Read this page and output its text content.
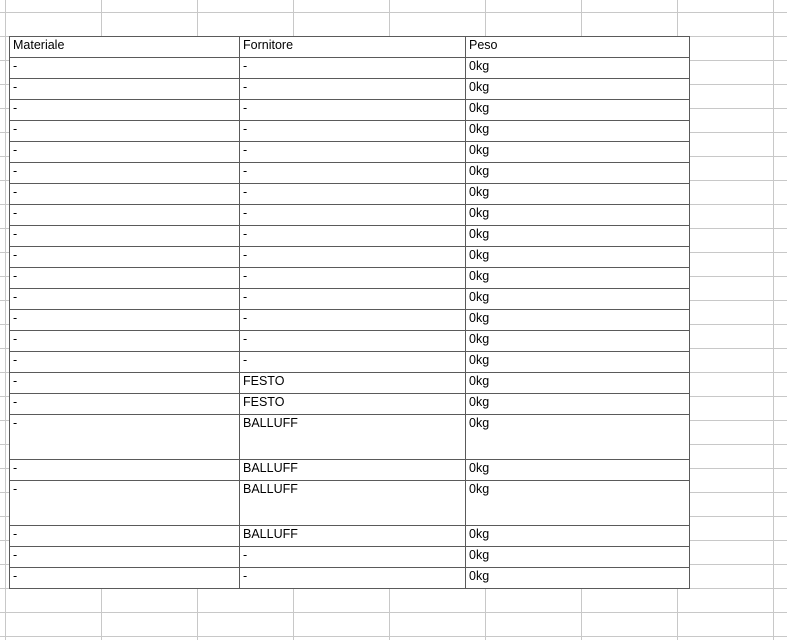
Materiale	Fornitore	Peso
-	-	0kg
-	-	0kg
-	-	0kg
-	-	0kg
-	-	0kg
-	-	0kg
-	-	0kg
-	-	0kg
-	-	0kg
-	-	0kg
-	-	0kg
-	-	0kg
-	-	0kg
-	-	0kg
-	-	0kg
-	FESTO	0kg
-	FESTO	0kg
-	BALLUFF	0kg
-	BALLUFF	0kg
-	BALLUFF	0kg
-	BALLUFF	0kg
-	-	0kg
-	-	0kg
